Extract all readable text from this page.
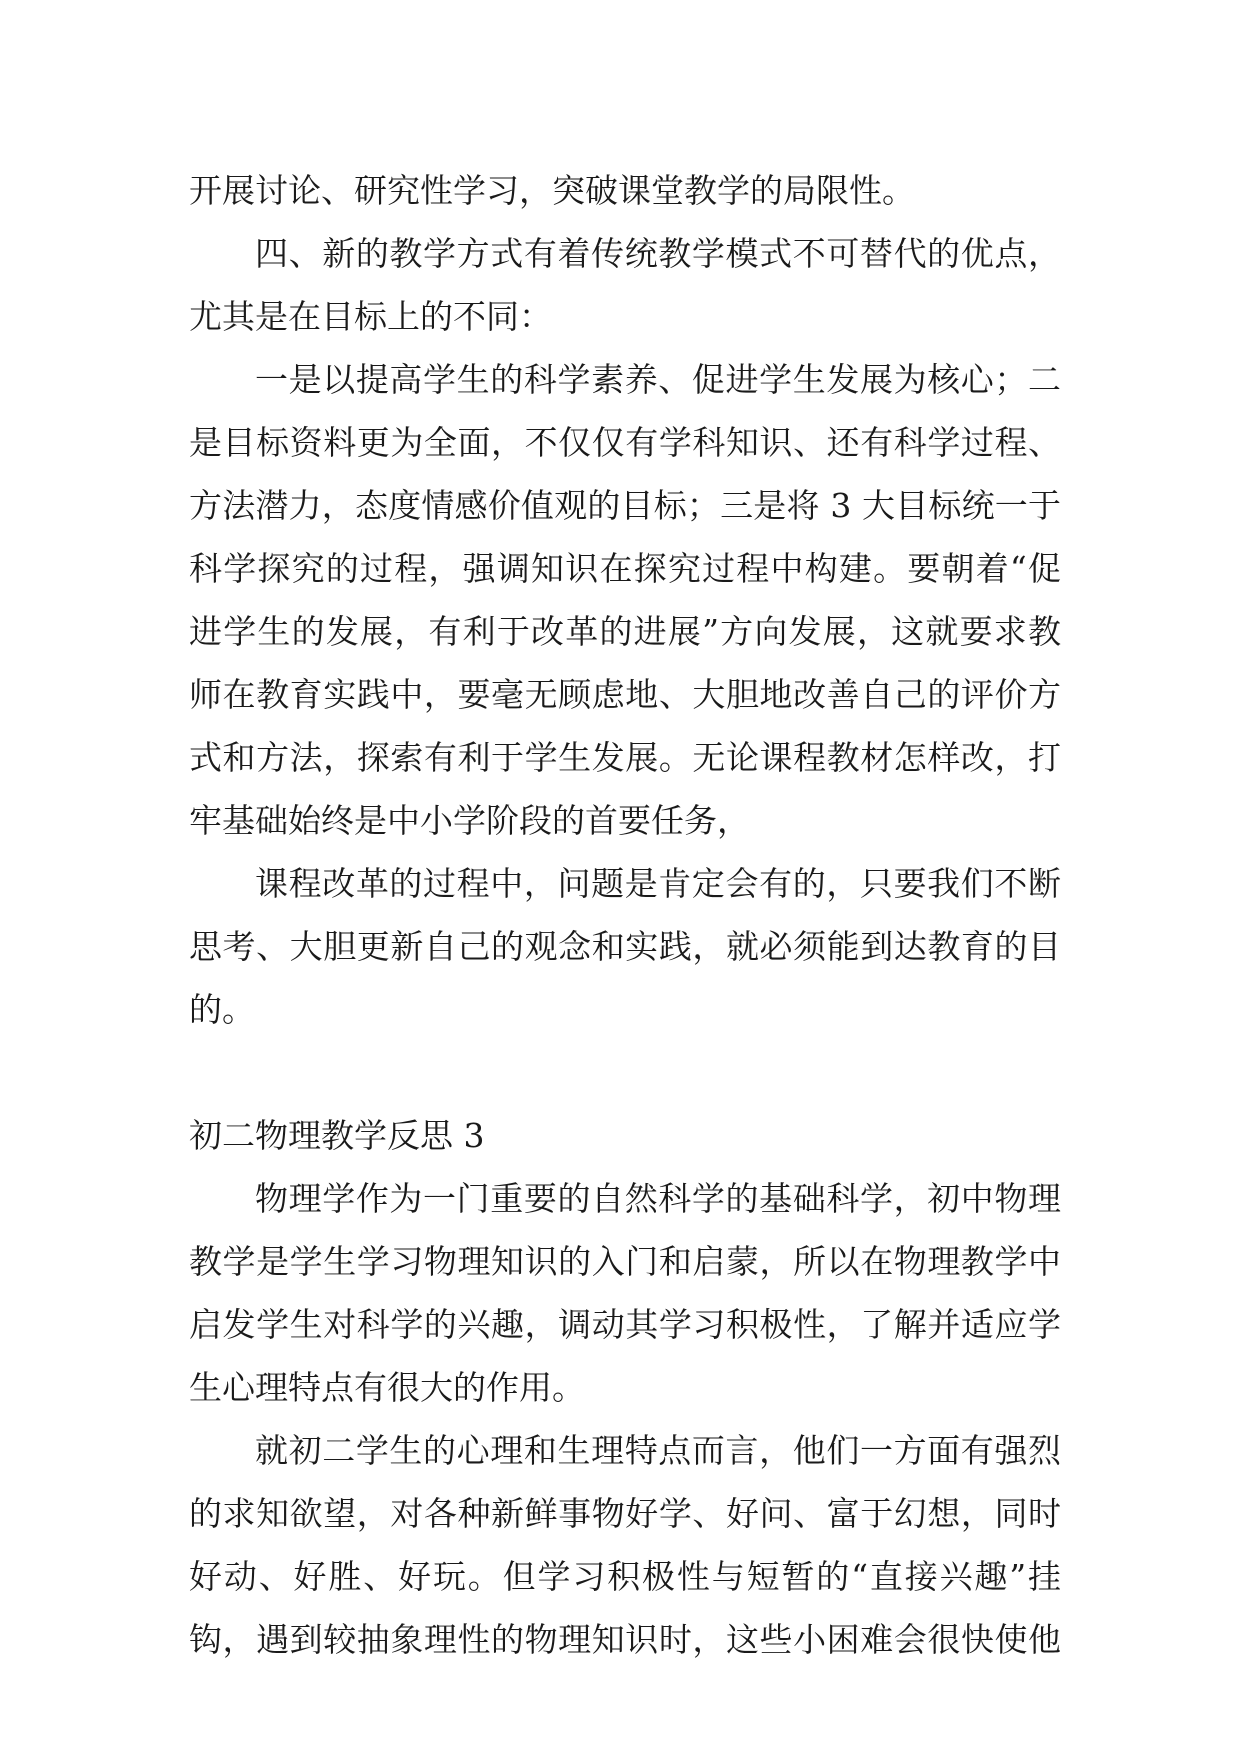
开展讨论、研究性学习，突破课堂教学的局限性。
四、新的教学方式有着传统教学模式不可替代的优点，
尤其是在目标上的不同：
一是以提高学生的科学素养、促进学生发展为核心；二
是目标资料更为全面，不仅仅有学科知识、还有科学过程、
方法潜力，态度情感价值观的目标；三是将 3 大目标统一于
科学探究的过程，强调知识在探究过程中构建。要朝着“促
进学生的发展，有利于改革的进展”方向发展，这就要求教
师在教育实践中，要毫无顾虑地、大胆地改善自己的评价方
式和方法，探索有利于学生发展。无论课程教材怎样改，打
牢基础始终是中小学阶段的首要任务，
课程改革的过程中，问题是肯定会有的，只要我们不断
思考、大胆更新自己的观念和实践，就必须能到达教育的目
的。
初二物理教学反思 3
物理学作为一门重要的自然科学的基础科学，初中物理
教学是学生学习物理知识的入门和启蒙，所以在物理教学中
启发学生对科学的兴趣，调动其学习积极性，了解并适应学
生心理特点有很大的作用。
就初二学生的心理和生理特点而言，他们一方面有强烈
的求知欲望，对各种新鲜事物好学、好问、富于幻想，同时
好动、好胜、好玩。但学习积极性与短暂的“直接兴趣”挂
钩，遇到较抽象理性的物理知识时，这些小困难会很快使他
